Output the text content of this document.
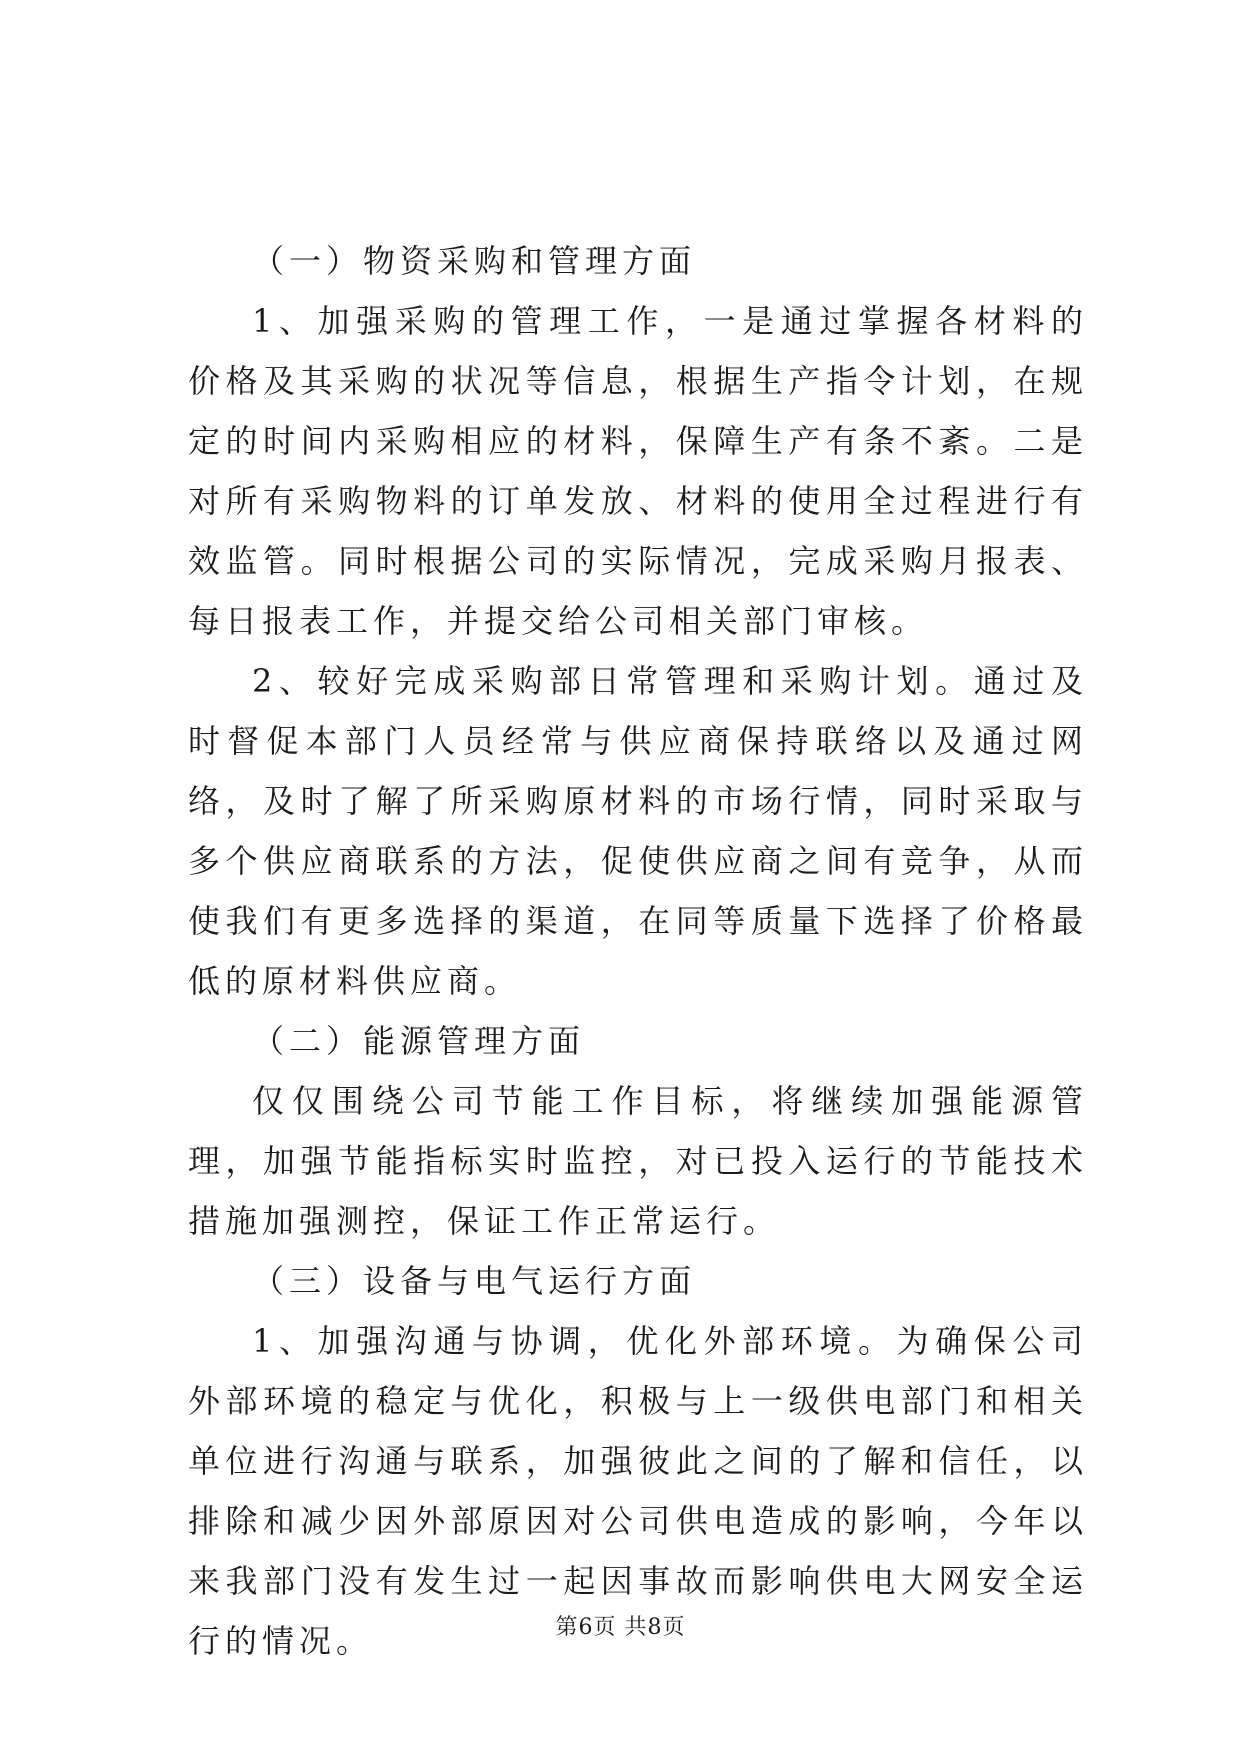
（一）物资采购和管理方面

1、加强采购的管理工作，一是通过掌握各材料的价格及其采购的状况等信息，根据生产指令计划，在规定的时间内采购相应的材料，保障生产有条不紊。二是对所有采购物料的订单发放、材料的使用全过程进行有效监管。同时根据公司的实际情况，完成采购月报表、每日报表工作，并提交给公司相关部门审核。

2、较好完成采购部日常管理和采购计划。通过及时督促本部门人员经常与供应商保持联络以及通过网络，及时了解了所采购原材料的市场行情，同时采取与多个供应商联系的方法，促使供应商之间有竞争，从而使我们有更多选择的渠道，在同等质量下选择了价格最低的原材料供应商。

（二）能源管理方面

仅仅围绕公司节能工作目标，将继续加强能源管理，加强节能指标实时监控，对已投入运行的节能技术措施加强测控，保证工作正常运行。

（三）设备与电气运行方面

1、加强沟通与协调，优化外部环境。为确保公司外部环境的稳定与优化，积极与上一级供电部门和相关单位进行沟通与联系，加强彼此之间的了解和信任，以排除和减少因外部原因对公司供电造成的影响，今年以来我部门没有发生过一起因事故而影响供电大网安全运行的情况。	第6页 共8页
